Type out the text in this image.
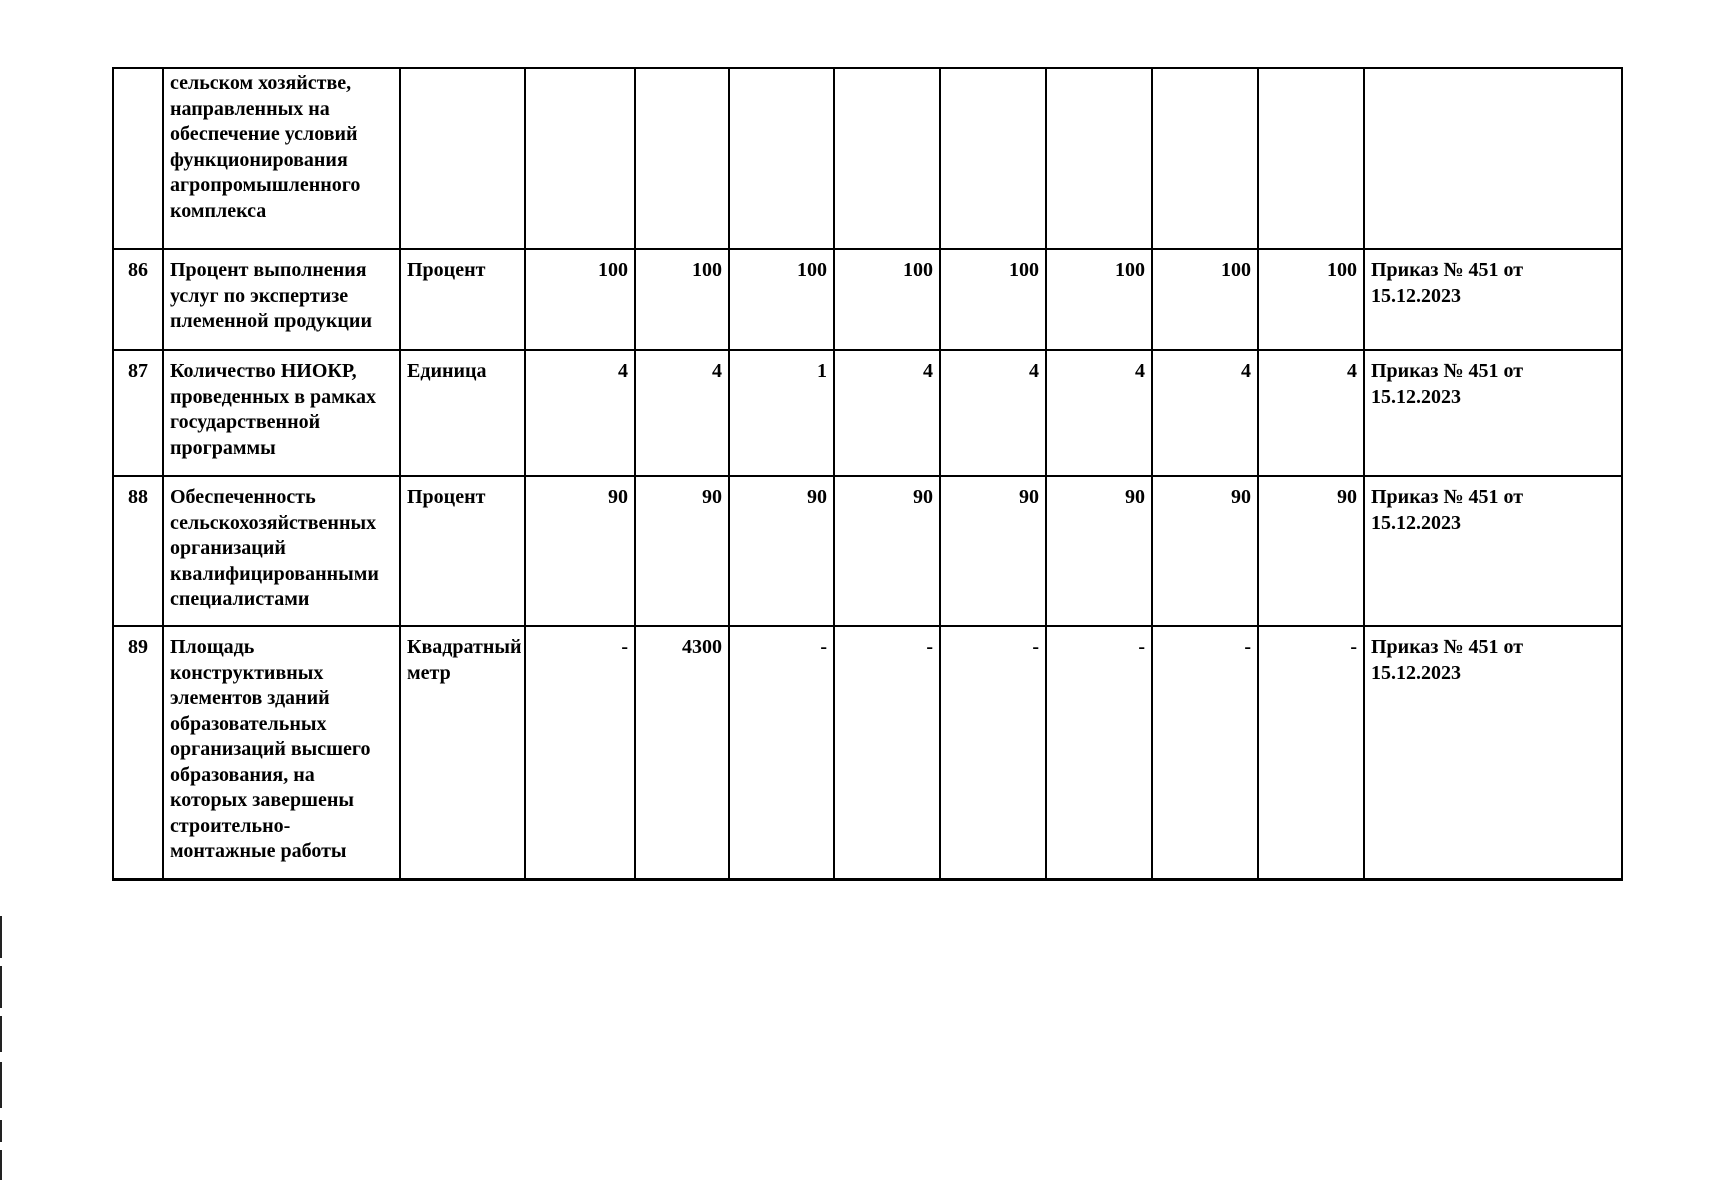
	сельском хозяйстве, направленных на обеспечение условий функционирования агропромышленного комплекса										
86	Процент выполнения услуг по экспертизе племенной продукции	Процент	100	100	100	100	100	100	100	100	Приказ № 451 от 15.12.2023
87	Количество НИОКР, проведенных в рамках государственной программы	Единица	4	4	1	4	4	4	4	4	Приказ № 451 от 15.12.2023
88	Обеспеченность сельскохозяйственных организаций квалифицированными специалистами	Процент	90	90	90	90	90	90	90	90	Приказ № 451 от 15.12.2023
89	Площадь конструктивных элементов зданий образовательных организаций высшего образования, на которых завершены строительно-монтажные работы	Квадратный метр	-	4300	-	-	-	-	-	-	Приказ № 451 от 15.12.2023
